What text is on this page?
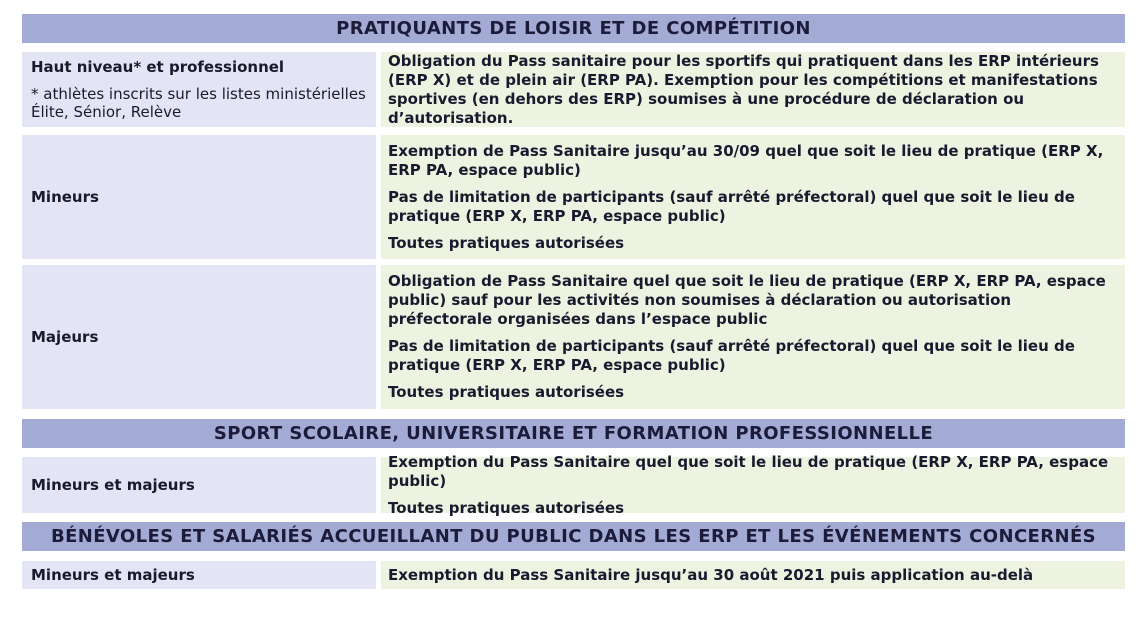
PRATIQUANTS DE LOISIR ET DE COMPÉTITION
Haut niveau* et professionnel
* athlètes inscrits sur les listes ministérielles Élite, Sénior, Relève
Obligation du Pass sanitaire pour les sportifs qui pratiquent dans les ERP intérieurs (ERP X) et de plein air (ERP PA). Exemption pour les compétitions et manifestations sportives (en dehors des ERP) soumises à une procédure de déclaration ou d’autorisation.
Mineurs
Exemption de Pass Sanitaire jusqu’au 30/09 quel que soit le lieu de pratique (ERP X, ERP PA, espace public)
Pas de limitation de participants (sauf arrêté préfectoral) quel que soit le lieu de pratique (ERP X, ERP PA, espace public)
Toutes pratiques autorisées
Majeurs
Obligation de Pass Sanitaire quel que soit le lieu de pratique (ERP X, ERP PA, espace public) sauf pour les activités non soumises à déclaration ou autorisation préfectorale organisées dans l’espace public
Pas de limitation de participants (sauf arrêté préfectoral) quel que soit le lieu de pratique (ERP X, ERP PA, espace public)
Toutes pratiques autorisées
SPORT SCOLAIRE, UNIVERSITAIRE ET FORMATION PROFESSIONNELLE
Mineurs et majeurs
Exemption du Pass Sanitaire quel que soit le lieu de pratique (ERP X, ERP PA, espace public)
Toutes pratiques autorisées
BÉNÉVOLES ET SALARIÉS ACCUEILLANT DU PUBLIC DANS LES ERP ET LES ÉVÉNEMENTS CONCERNÉS
Mineurs et majeurs	Exemption du Pass Sanitaire jusqu’au 30 août 2021 puis application au-delà
